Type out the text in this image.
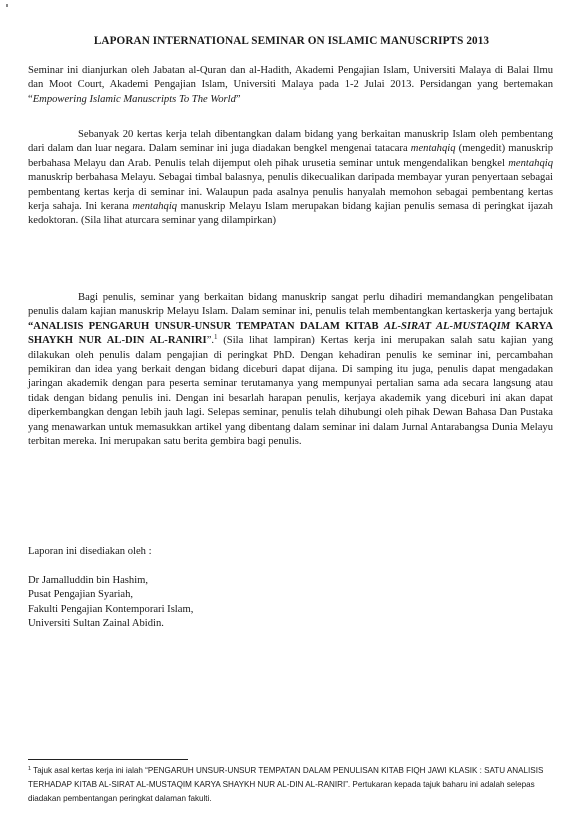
LAPORAN INTERNATIONAL SEMINAR ON ISLAMIC MANUSCRIPTS 2013

Seminar ini dianjurkan oleh Jabatan al-Quran dan al-Hadith, Akademi Pengajian Islam, Universiti Malaya di Balai Ilmu dan Moot Court, Akademi Pengajian Islam, Universiti Malaya pada 1-2 Julai 2013. Persidangan yang bertemakan “Empowering Islamic Manuscripts To The World”

Sebanyak 20 kertas kerja telah dibentangkan dalam bidang yang berkaitan manuskrip Islam oleh pembentang dari dalam dan luar negara. Dalam seminar ini juga diadakan bengkel mengenai tatacara mentahqiq (mengedit) manuskrip berbahasa Melayu dan Arab. Penulis telah dijemput oleh pihak urusetia seminar untuk mengendalikan bengkel mentahqiq manuskrip berbahasa Melayu. Sebagai timbal balasnya, penulis dikecualikan daripada membayar yuran penyertaan sebagai pembentang kertas kerja di seminar ini. Walaupun pada asalnya penulis hanyalah memohon sebagai pembentang kertas kerja sahaja. Ini kerana mentahqiq manuskrip Melayu Islam merupakan bidang kajian penulis semasa di peringkat ijazah kedoktoran. (Sila lihat aturcara seminar yang dilampirkan)

Bagi penulis, seminar yang berkaitan bidang manuskrip sangat perlu dihadiri memandangkan pengelibatan penulis dalam kajian manuskrip Melayu Islam. Dalam seminar ini, penulis telah membentangkan kertaskerja yang bertajuk “ANALISIS PENGARUH UNSUR-UNSUR TEMPATAN DALAM KITAB AL-SIRAT AL-MUSTAQIM KARYA SHAYKH NUR AL-DIN AL-RANIRI”.$^1$ (Sila lihat lampiran) Kertas kerja ini merupakan salah satu kajian yang dilakukan oleh penulis dalam pengajian di peringkat PhD. Dengan kehadiran penulis ke seminar ini, percambahan pemikiran dan idea yang berkait dengan bidang diceburi dapat dijana. Di samping itu juga, penulis dapat mengadakan jaringan akademik dengan para peserta seminar terutamanya yang mempunyai pertalian sama ada secara langsung atau tidak dengan bidang penulis ini. Dengan ini besarlah harapan penulis, kerjaya akademik yang diceburi ini akan dapat diperkembangkan dengan lebih jauh lagi. Selepas seminar, penulis telah dihubungi oleh pihak Dewan Bahasa Dan Pustaka yang menawarkan untuk memasukkan artikel yang dibentang dalam seminar ini dalam Jurnal Antarabangsa Dunia Melayu terbitan mereka. Ini merupakan satu berita gembira bagi penulis.

Laporan ini disediakan oleh :
Dr Jamalluddin bin Hashim,
Pusat Pengajian Syariah,
Fakulti Pengajian Kontemporari Islam,
Universiti Sultan Zainal Abidin.

$^1$ Tajuk asal kertas kerja ini ialah “PENGARUH UNSUR-UNSUR TEMPATAN DALAM PENULISAN KITAB FIQH JAWI KLASIK : SATU ANALISIS TERHADAP KITAB AL-SIRAT AL-MUSTAQIM KARYA SHAYKH NUR AL-DIN AL-RANIRI”. Pertukaran kepada tajuk baharu ini adalah selepas diadakan pembentangan peringkat dalaman fakulti.
